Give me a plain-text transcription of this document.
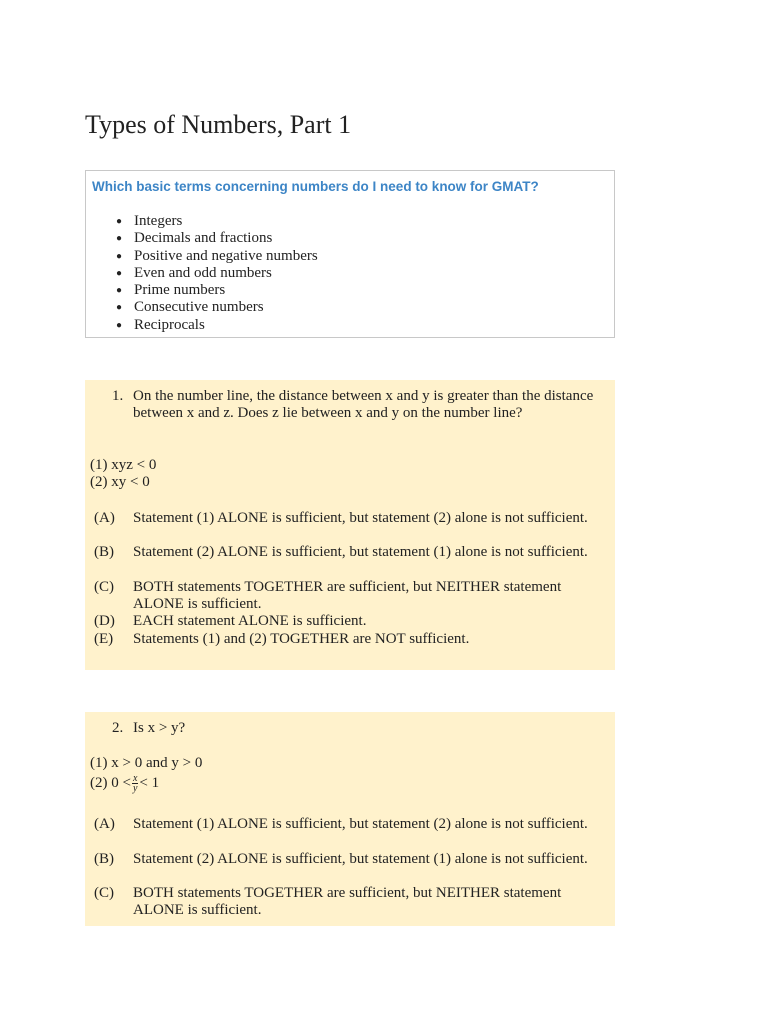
Types of Numbers, Part 1
Which basic terms concerning numbers do I need to know for GMAT?
● Integers
● Decimals and fractions
● Positive and negative numbers
● Even and odd numbers
● Prime numbers
● Consecutive numbers
● Reciprocals
1. On the number line, the distance between x and y is greater than the distance between x and z. Does z lie between x and y on the number line?
(1) xyz < 0
(2) xy < 0
(A) Statement (1) ALONE is sufficient, but statement (2) alone is not sufficient.
(B) Statement (2) ALONE is sufficient, but statement (1) alone is not sufficient.
(C) BOTH statements TOGETHER are sufficient, but NEITHER statement ALONE is sufficient.
(D) EACH statement ALONE is sufficient.
(E) Statements (1) and (2) TOGETHER are NOT sufficient.
2. Is x > y?
(1) x > 0 and y > 0
(2) $0 < \frac{x}{y} < 1$
(A) Statement (1) ALONE is sufficient, but statement (2) alone is not sufficient.
(B) Statement (2) ALONE is sufficient, but statement (1) alone is not sufficient.
(C) BOTH statements TOGETHER are sufficient, but NEITHER statement ALONE is sufficient.
